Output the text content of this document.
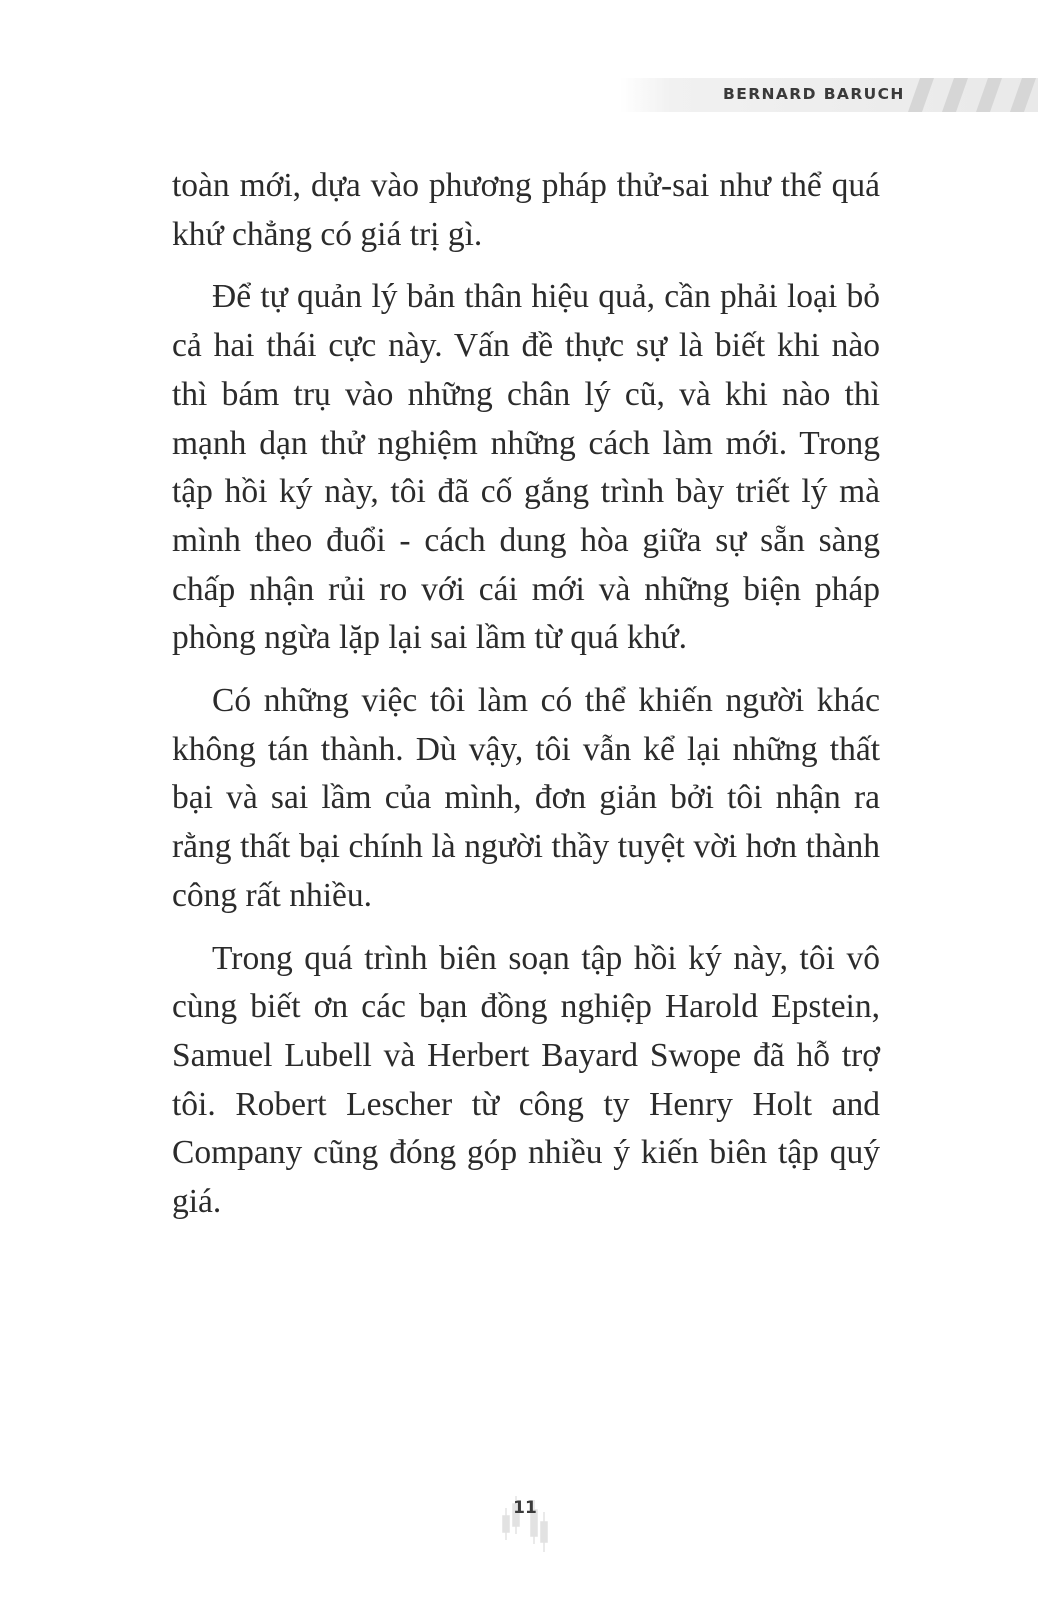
BERNARD BARUCH

toàn mới, dựa vào phương pháp thử-sai như thể quá khứ chẳng có giá trị gì.

Để tự quản lý bản thân hiệu quả, cần phải loại bỏ cả hai thái cực này. Vấn đề thực sự là biết khi nào thì bám trụ vào những chân lý cũ, và khi nào thì mạnh dạn thử nghiệm những cách làm mới. Trong tập hồi ký này, tôi đã cố gắng trình bày triết lý mà mình theo đuổi - cách dung hòa giữa sự sẵn sàng chấp nhận rủi ro với cái mới và những biện pháp phòng ngừa lặp lại sai lầm từ quá khứ.

Có những việc tôi làm có thể khiến người khác không tán thành. Dù vậy, tôi vẫn kể lại những thất bại và sai lầm của mình, đơn giản bởi tôi nhận ra rằng thất bại chính là người thầy tuyệt vời hơn thành công rất nhiều.

Trong quá trình biên soạn tập hồi ký này, tôi vô cùng biết ơn các bạn đồng nghiệp Harold Epstein, Samuel Lubell và Herbert Bayard Swope đã hỗ trợ tôi. Robert Lescher từ công ty Henry Holt and Company cũng đóng góp nhiều ý kiến biên tập quý giá.

11
